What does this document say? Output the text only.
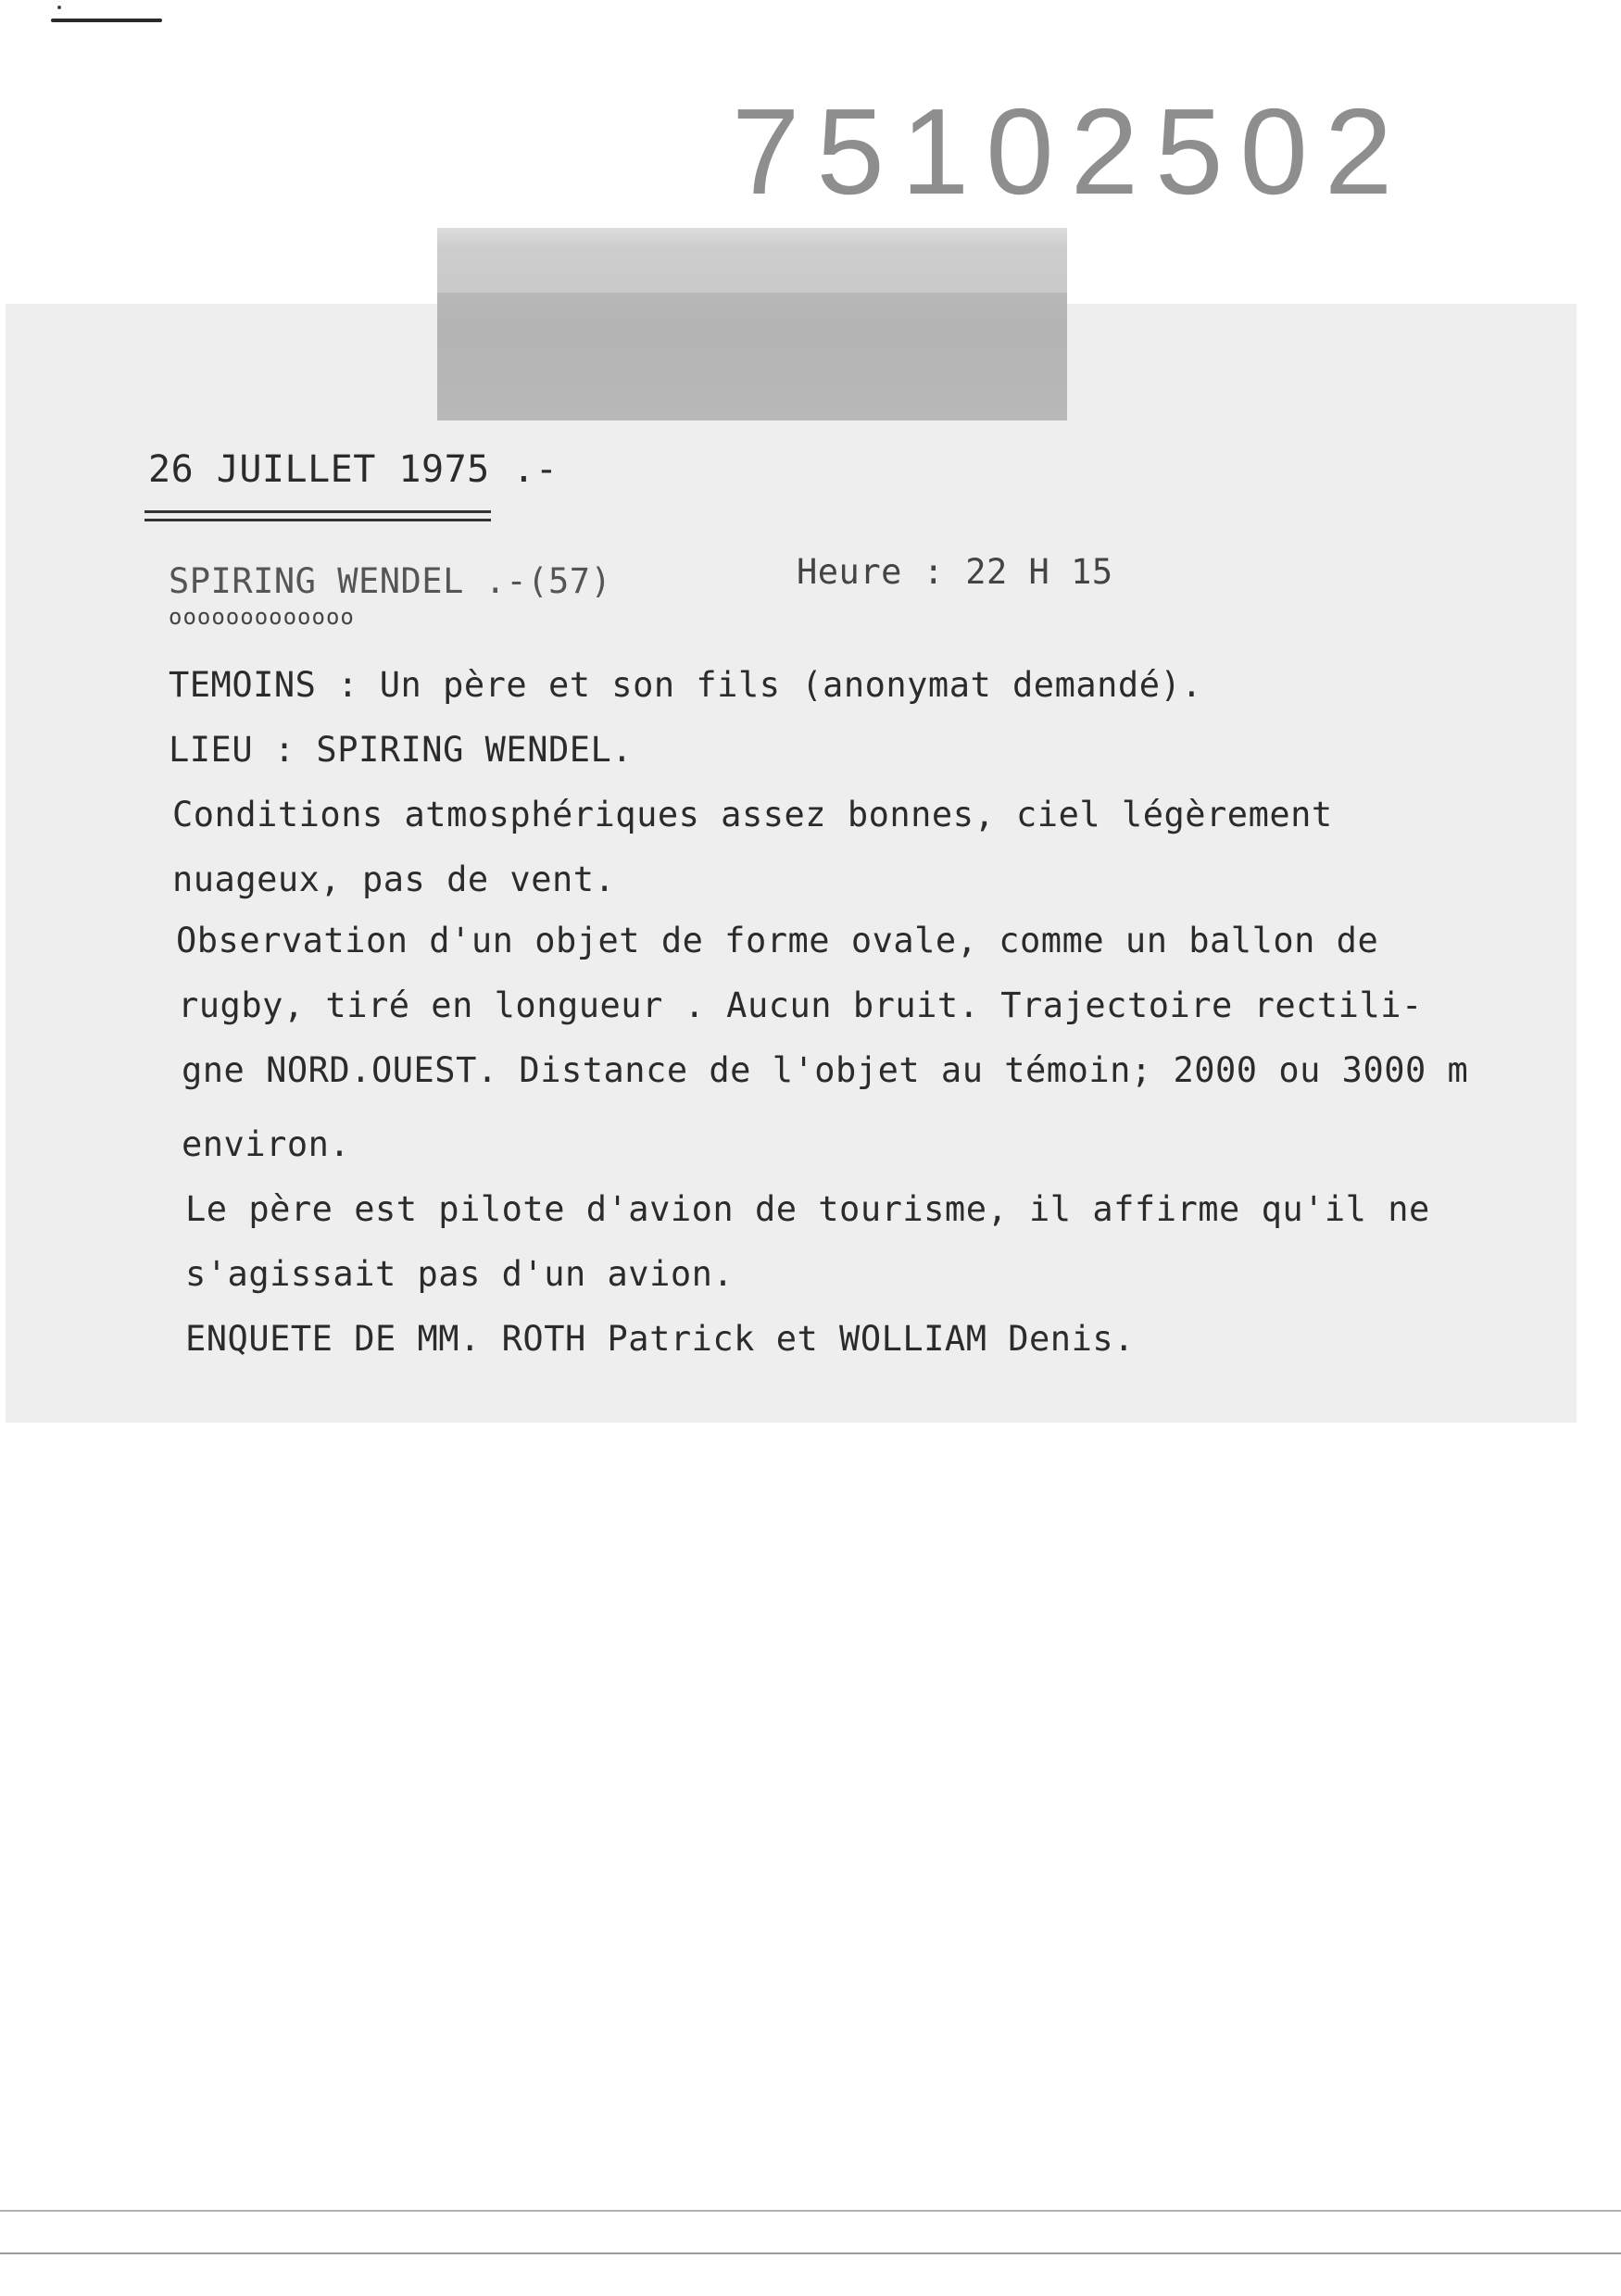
75102502
26 JUILLET 1975 .-
SPIRING WENDEL .-(57)	Heure : 22 H 15
ooooooooooooo
TEMOINS : Un père et son fils (anonymat demandé).
LIEU : SPIRING WENDEL.
Conditions atmosphériques assez bonnes, ciel légèrement
nuageux, pas de vent.
Observation d'un objet de forme ovale, comme un ballon de
rugby, tiré en longueur . Aucun bruit. Trajectoire rectili-
gne NORD.OUEST. Distance de l'objet au témoin; 2000 ou 3000 m
environ.
Le père est pilote d'avion de tourisme, il affirme qu'il ne
s'agissait pas d'un avion.
ENQUETE DE MM. ROTH Patrick et WOLLIAM Denis.
